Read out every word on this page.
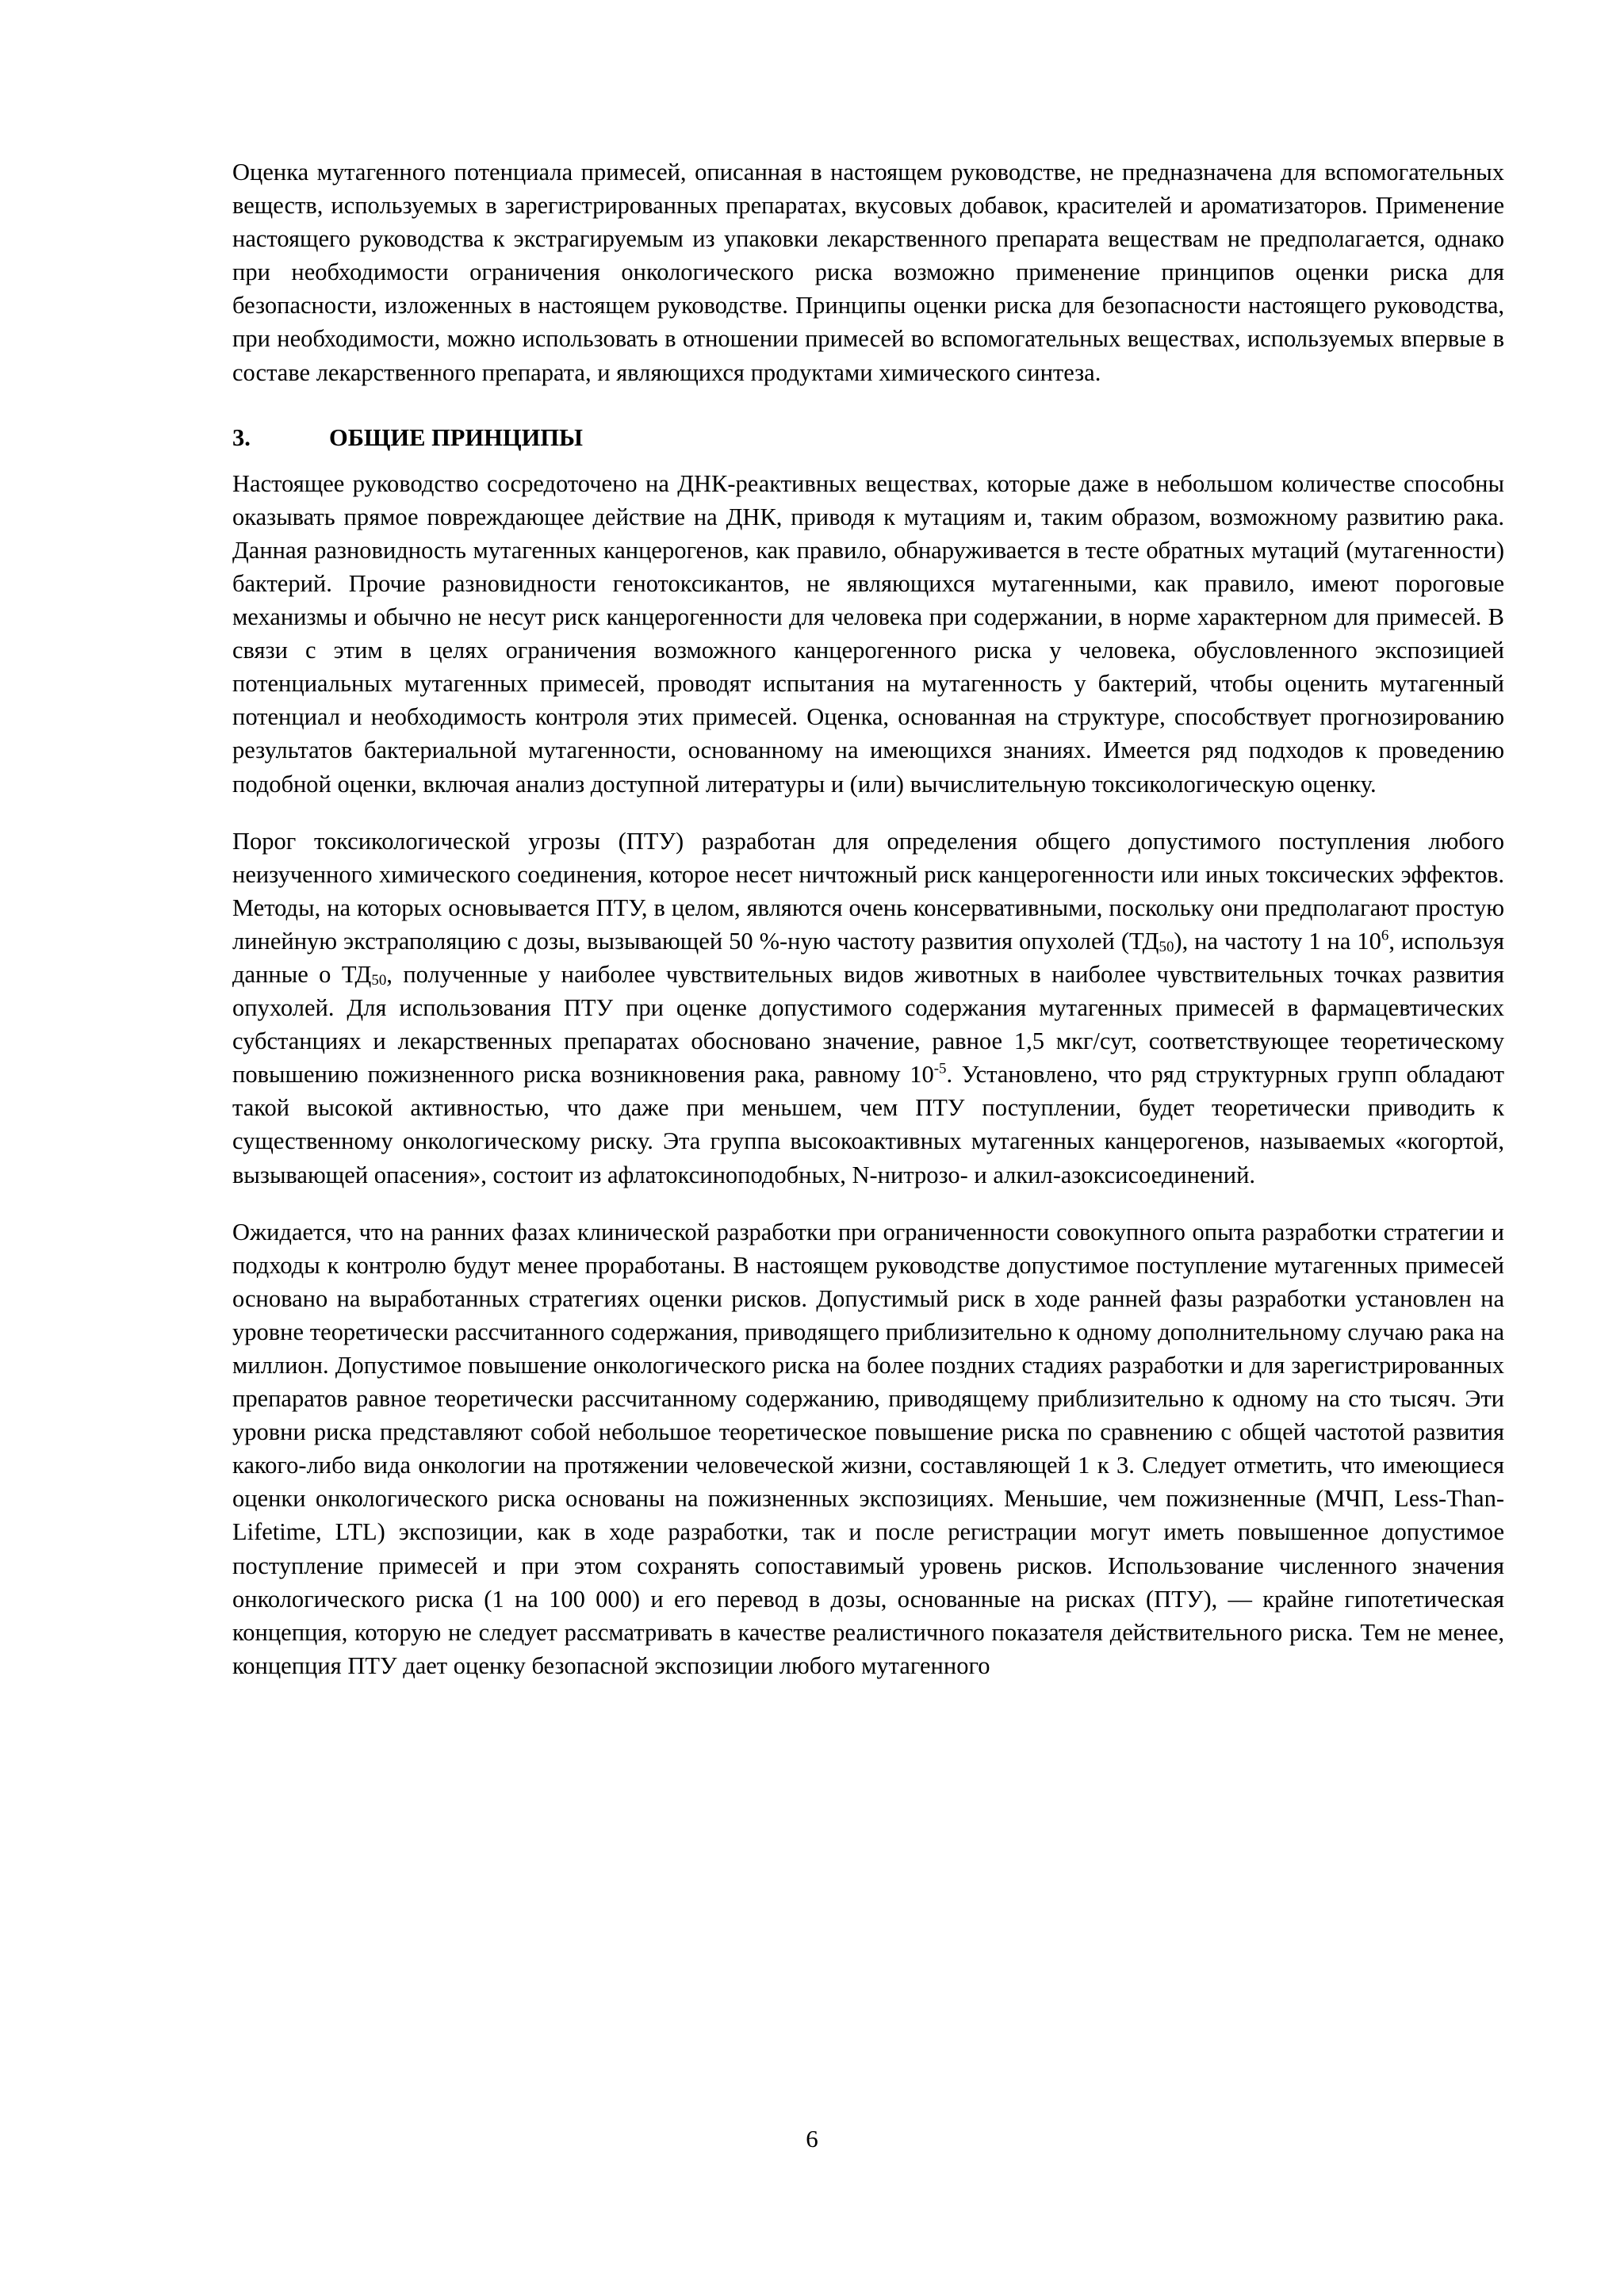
Оценка мутагенного потенциала примесей, описанная в настоящем руководстве, не предназначена для вспомогательных веществ, используемых в зарегистрированных препаратах, вкусовых добавок, красителей и ароматизаторов. Применение настоящего руководства к экстрагируемым из упаковки лекарственного препарата веществам не предполагается, однако при необходимости ограничения онкологического риска возможно применение принципов оценки риска для безопасности, изложенных в настоящем руководстве. Принципы оценки риска для безопасности настоящего руководства, при необходимости, можно использовать в отношении примесей во вспомогательных веществах, используемых впервые в составе лекарственного препарата, и являющихся продуктами химического синтеза.

3.	ОБЩИЕ ПРИНЦИПЫ

Настоящее руководство сосредоточено на ДНК-реактивных веществах, которые даже в небольшом количестве способны оказывать прямое повреждающее действие на ДНК, приводя к мутациям и, таким образом, возможному развитию рака. Данная разновидность мутагенных канцерогенов, как правило, обнаруживается в тесте обратных мутаций (мутагенности) бактерий. Прочие разновидности генотоксикантов, не являющихся мутагенными, как правило, имеют пороговые механизмы и обычно не несут риск канцерогенности для человека при содержании, в норме характерном для примесей. В связи с этим в целях ограничения возможного канцерогенного риска у человека, обусловленного экспозицией потенциальных мутагенных примесей, проводят испытания на мутагенность у бактерий, чтобы оценить мутагенный потенциал и необходимость контроля этих примесей. Оценка, основанная на структуре, способствует прогнозированию результатов бактериальной мутагенности, основанному на имеющихся знаниях. Имеется ряд подходов к проведению подобной оценки, включая анализ доступной литературы и (или) вычислительную токсикологическую оценку.

Порог токсикологической угрозы (ПТУ) разработан для определения общего допустимого поступления любого неизученного химического соединения, которое несет ничтожный риск канцерогенности или иных токсических эффектов. Методы, на которых основывается ПТУ, в целом, являются очень консервативными, поскольку они предполагают простую линейную экстраполяцию с дозы, вызывающей 50 %-ную частоту развития опухолей $(ТД_{50})$, на частоту 1 на $10^6$, используя данные о $ТД_{50}$, полученные у наиболее чувствительных видов животных в наиболее чувствительных точках развития опухолей. Для использования ПТУ при оценке допустимого содержания мутагенных примесей в фармацевтических субстанциях и лекарственных препаратах обосновано значение, равное 1,5 мкг/сут, соответствующее теоретическому повышению пожизненного риска возникновения рака, равному $10^{-5}$. Установлено, что ряд структурных групп обладают такой высокой активностью, что даже при меньшем, чем ПТУ поступлении, будет теоретически приводить к существенному онкологическому риску. Эта группа высокоактивных мутагенных канцерогенов, называемых «когортой, вызывающей опасения», состоит из афлатоксиноподобных, N-нитрозо- и алкил-азоксисоединений.

Ожидается, что на ранних фазах клинической разработки при ограниченности совокупного опыта разработки стратегии и подходы к контролю будут менее проработаны. В настоящем руководстве допустимое поступление мутагенных примесей основано на выработанных стратегиях оценки рисков. Допустимый риск в ходе ранней фазы разработки установлен на уровне теоретически рассчитанного содержания, приводящего приблизительно к одному дополнительному случаю рака на миллион. Допустимое повышение онкологического риска на более поздних стадиях разработки и для зарегистрированных препаратов равное теоретически рассчитанному содержанию, приводящему приблизительно к одному на сто тысяч. Эти уровни риска представляют собой небольшое теоретическое повышение риска по сравнению с общей частотой развития какого-либо вида онкологии на протяжении человеческой жизни, составляющей 1 к 3. Следует отметить, что имеющиеся оценки онкологического риска основаны на пожизненных экспозициях. Меньшие, чем пожизненные (МЧП, Less-Than-Lifetime, LTL) экспозиции, как в ходе разработки, так и после регистрации могут иметь повышенное допустимое поступление примесей и при этом сохранять сопоставимый уровень рисков. Использование численного значения онкологического риска (1 на 100 000) и его перевод в дозы, основанные на рисках (ПТУ), — крайне гипотетическая концепция, которую не следует рассматривать в качестве реалистичного показателя действительного риска. Тем не менее, концепция ПТУ дает оценку безопасной экспозиции любого мутагенного

6
